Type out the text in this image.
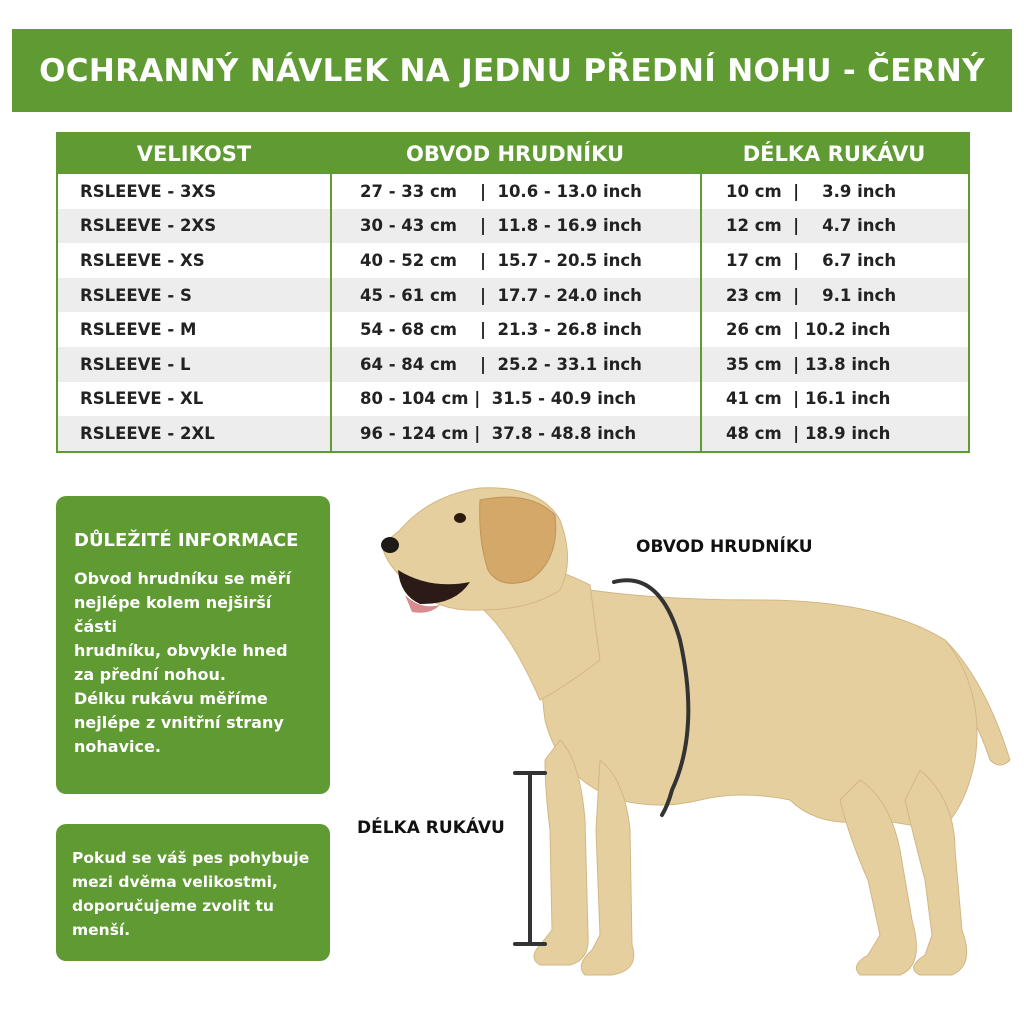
OCHRANNÝ NÁVLEK NA JEDNU PŘEDNÍ NOHU - ČERNÝ
VELIKOST	OBVOD HRUDNÍKU	DÉLKA RUKÁVU
RSLEEVE - 3XS	27 - 33 cm    |  10.6 - 13.0 inch	10 cm  |    3.9 inch
RSLEEVE - 2XS	30 - 43 cm    |  11.8 - 16.9 inch	12 cm  |    4.7 inch
RSLEEVE - XS	40 - 52 cm    |  15.7 - 20.5 inch	17 cm  |    6.7 inch
RSLEEVE - S	45 - 61 cm    |  17.7 - 24.0 inch	23 cm  |    9.1 inch
RSLEEVE - M	54 - 68 cm    |  21.3 - 26.8 inch	26 cm  | 10.2 inch
RSLEEVE - L	64 - 84 cm    |  25.2 - 33.1 inch	35 cm  | 13.8 inch
RSLEEVE - XL	80 - 104 cm |  31.5 - 40.9 inch	41 cm  | 16.1 inch
RSLEEVE - 2XL	96 - 124 cm |  37.8 - 48.8 inch	48 cm  | 18.9 inch
DŮLEŽITÉ INFORMACE

Obvod hrudníku se měří
nejlépe kolem nejširší části
hrudníku, obvykle hned
za přední nohou.
Délku rukávu měříme
nejlépe z vnitřní strany
nohavice.

Pokud se váš pes pohybuje
mezi dvěma velikostmi,
doporučujeme zvolit tu
menší.

OBVOD HRUDNÍKU
DÉLKA RUKÁVU
